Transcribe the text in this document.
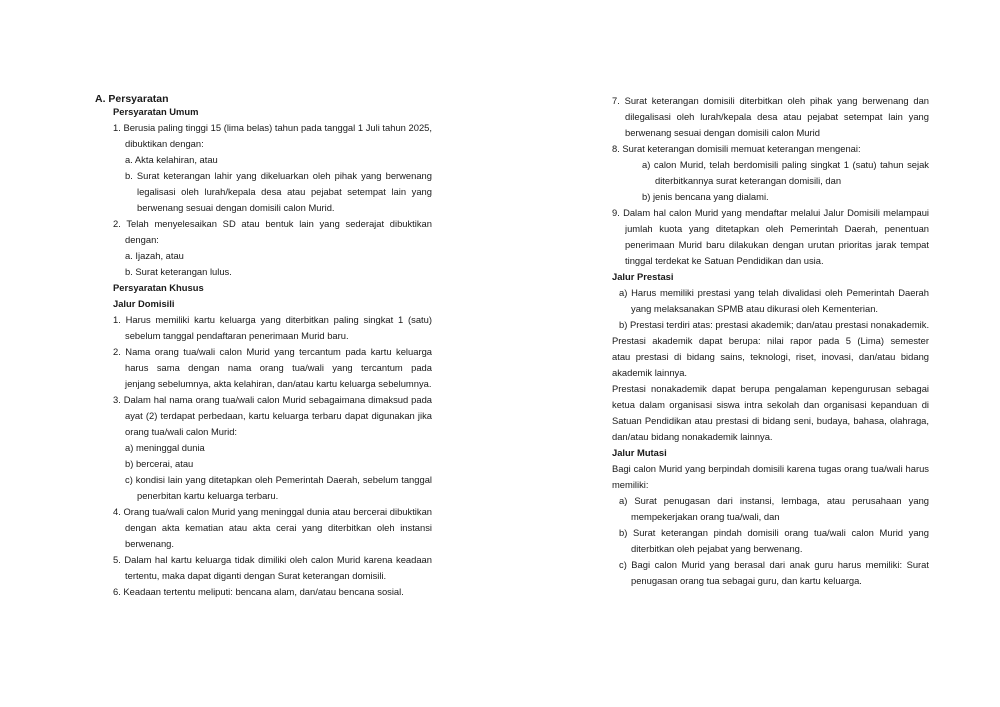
A. Persyaratan
Persyaratan Umum
1. Berusia paling tinggi 15 (lima belas) tahun pada tanggal 1 Juli tahun 2025,
dibuktikan dengan:
a. Akta kelahiran, atau
b. Surat keterangan lahir yang dikeluarkan oleh pihak yang berwenang
legalisasi oleh lurah/kepala desa atau pejabat setempat lain yang
berwenang sesuai dengan domisili calon Murid.
2. Telah menyelesaikan SD atau bentuk lain yang sederajat dibuktikan
dengan:
a. Ijazah, atau
b. Surat keterangan lulus.
Persyaratan Khusus
Jalur Domisili
1. Harus memiliki kartu keluarga yang diterbitkan paling singkat 1 (satu)
sebelum tanggal pendaftaran penerimaan Murid baru.
2. Nama orang tua/wali calon Murid yang tercantum pada kartu keluarga
harus sama dengan nama orang tua/wali yang tercantum pada
jenjang sebelumnya, akta kelahiran, dan/atau kartu keluarga sebelumnya.
3. Dalam hal nama orang tua/wali calon Murid sebagaimana dimaksud pada
ayat (2) terdapat perbedaan, kartu keluarga terbaru dapat digunakan jika
orang tua/wali calon Murid:
a) meninggal dunia
b) bercerai, atau
c) kondisi lain yang ditetapkan oleh Pemerintah Daerah, sebelum tanggal
penerbitan kartu keluarga terbaru.
4. Orang tua/wali calon Murid yang meninggal dunia atau bercerai dibuktikan
dengan akta kematian atau akta cerai yang diterbitkan oleh instansi
berwenang.
5. Dalam hal kartu keluarga tidak dimiliki oleh calon Murid karena keadaan
tertentu, maka dapat diganti dengan Surat keterangan domisili.
6. Keadaan tertentu meliputi: bencana alam, dan/atau bencana sosial.
7. Surat keterangan domisili diterbitkan oleh pihak yang berwenang dan
dilegalisasi oleh lurah/kepala desa atau pejabat setempat lain yang
berwenang sesuai dengan domisili calon Murid
8. Surat keterangan domisili memuat keterangan mengenai:
a) calon Murid, telah berdomisili paling singkat 1 (satu) tahun sejak
diterbitkannya surat keterangan domisili, dan
b) jenis bencana yang dialami.
9. Dalam hal calon Murid yang mendaftar melalui Jalur Domisili melampaui
jumlah kuota yang ditetapkan oleh Pemerintah Daerah, penentuan
penerimaan Murid baru dilakukan dengan urutan prioritas jarak tempat
tinggal terdekat ke Satuan Pendidikan dan usia.
Jalur Prestasi
a) Harus memiliki prestasi yang telah divalidasi oleh Pemerintah Daerah
yang melaksanakan SPMB atau dikurasi oleh Kementerian.
b) Prestasi terdiri atas: prestasi akademik; dan/atau prestasi nonakademik.
Prestasi akademik dapat berupa: nilai rapor pada 5 (Lima) semester
atau prestasi di bidang sains, teknologi, riset, inovasi, dan/atau bidang
akademik lainnya.
Prestasi nonakademik dapat berupa pengalaman kepengurusan sebagai
ketua dalam organisasi siswa intra sekolah dan organisasi kepanduan di
Satuan Pendidikan atau prestasi di bidang seni, budaya, bahasa, olahraga,
dan/atau bidang nonakademik lainnya.
Jalur Mutasi
Bagi calon Murid yang berpindah domisili karena tugas orang tua/wali harus
memiliki:
a) Surat penugasan dari instansi, lembaga, atau perusahaan yang
mempekerjakan orang tua/wali, dan
b) Surat keterangan pindah domisili orang tua/wali calon Murid yang
diterbitkan oleh pejabat yang berwenang.
c) Bagi calon Murid yang berasal dari anak guru harus memiliki: Surat
penugasan orang tua sebagai guru, dan kartu keluarga.
